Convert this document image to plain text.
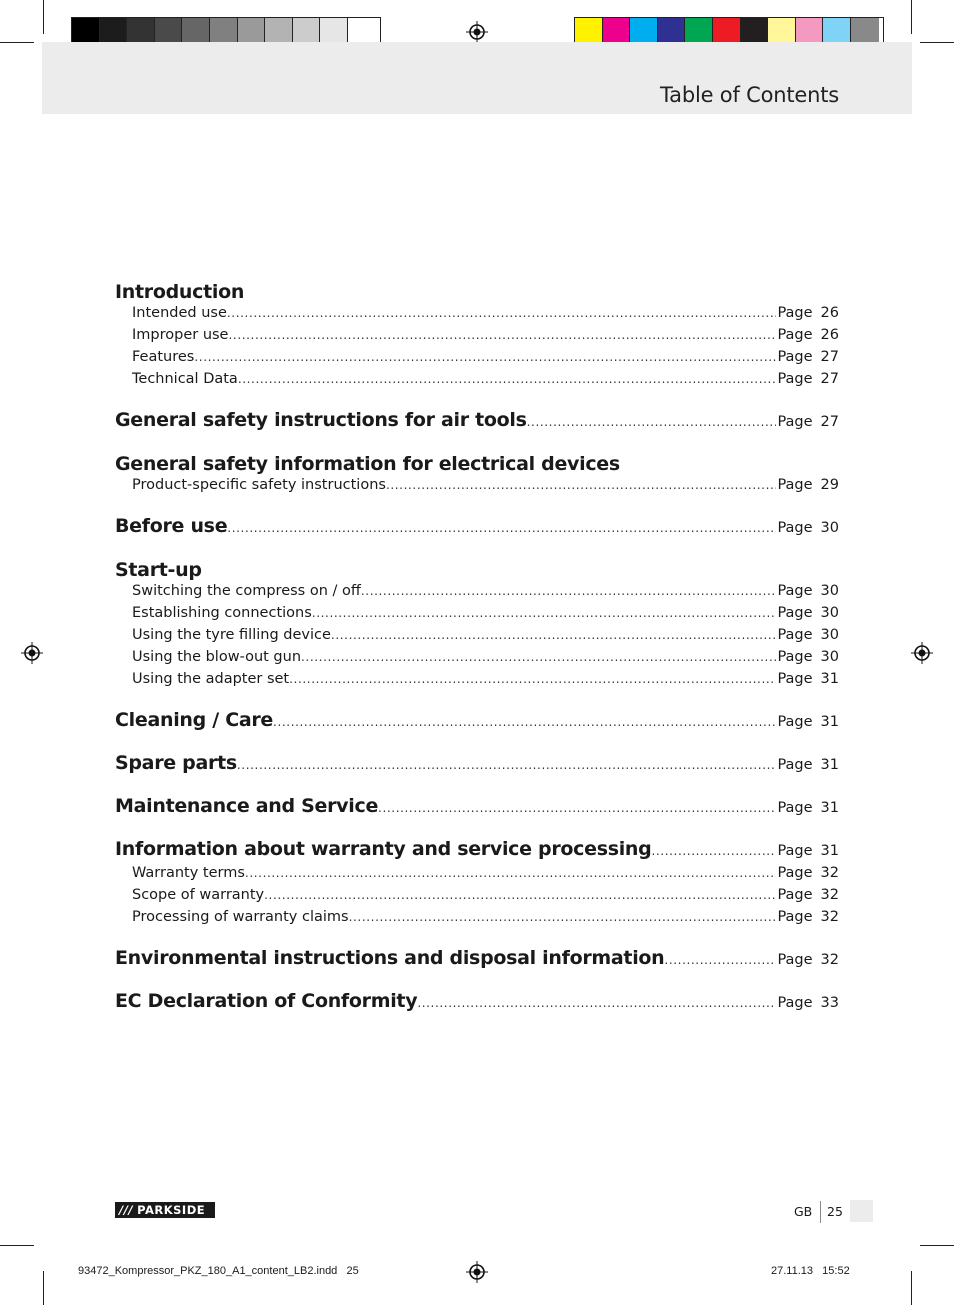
Table of Contents
Introduction
Intended use .....	Page 26
Improper use .....	Page 26
Features .....	Page 27
Technical Data .....	Page 27
General safety instructions for air tools .....	Page 27
General safety information for electrical devices
Product-specific safety instructions .....	Page 29
Before use .....	Page 30
Start-up
Switching the compress on / off .....	Page 30
Establishing connections .....	Page 30
Using the tyre filling device .....	Page 30
Using the blow-out gun .....	Page 30
Using the adapter set .....	Page 31
Cleaning / Care .....	Page 31
Spare parts .....	Page 31
Maintenance and Service .....	Page 31
Information about warranty and service processing .....	Page 31
Warranty terms .....	Page 32
Scope of warranty .....	Page 32
Processing of warranty claims .....	Page 32
Environmental instructions and disposal information .....	Page 32
EC Declaration of Conformity .....	Page 33
/// PARKSIDE	GB 25
93472_Kompressor_PKZ_180_A1_content_LB2.indd   25	27.11.13   15:52
